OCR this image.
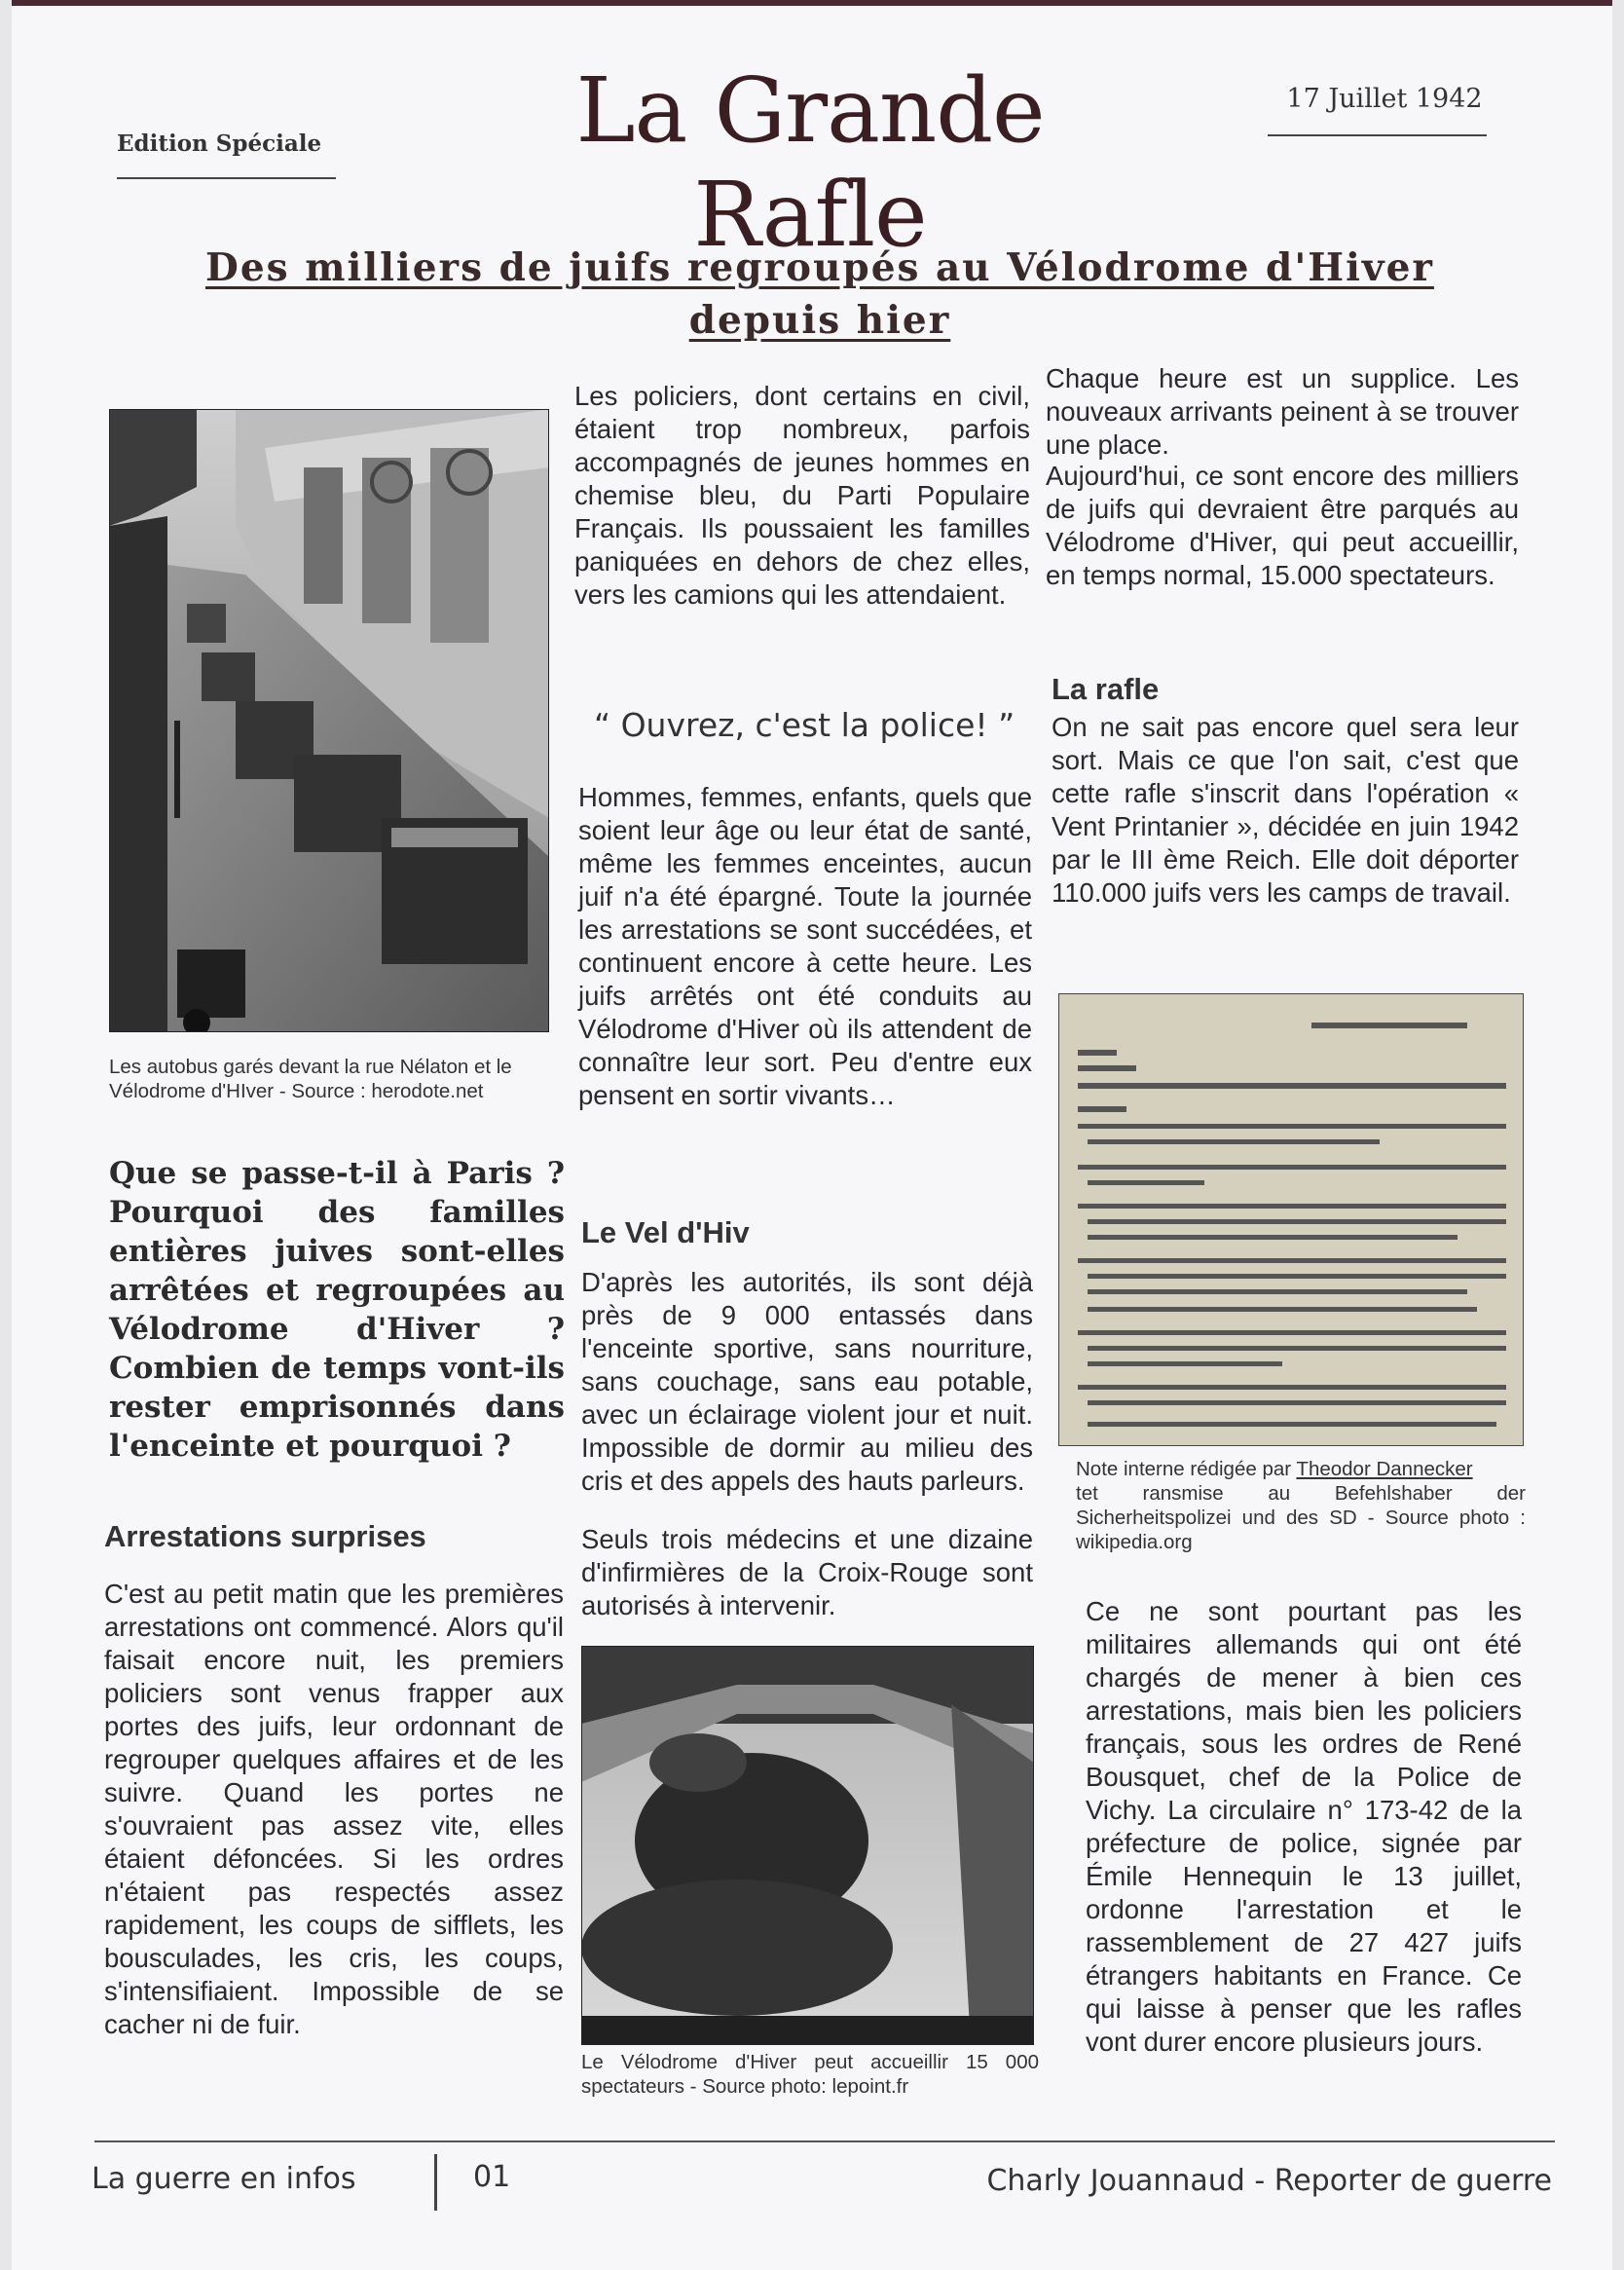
Edition Spéciale	La Grande Rafle
17 Juillet 1942
Des milliers de juifs regroupés au Vélodrome d'Hiver depuis hier
Les autobus garés devant la rue Nélaton et le Vélodrome d'HIver - Source : herodote.net
Que se passe-t-il à Paris ? Pourquoi des familles entières juives sont-elles arrêtées et regroupées au Vélodrome d'Hiver ? Combien de temps vont-ils rester emprisonnés dans l'enceinte et pourquoi ?
Arrestations surprises
C'est au petit matin que les premières arrestations ont commencé. Alors qu'il faisait encore nuit, les premiers policiers sont venus frapper aux portes des juifs, leur ordonnant de regrouper quelques affaires et de les suivre. Quand les portes ne s'ouvraient pas assez vite, elles étaient défoncées. Si les ordres n'étaient pas respectés assez rapidement, les coups de sifflets, les bousculades, les cris, les coups, s'intensifiaient. Impossible de se cacher ni de fuir.
Les policiers, dont certains en civil, étaient trop nombreux, parfois accompagnés de jeunes hommes en chemise bleu, du Parti Populaire Français. Ils poussaient les familles paniquées en dehors de chez elles, vers les camions qui les attendaient.
“ Ouvrez, c'est la police! ”
Hommes, femmes, enfants, quels que soient leur âge ou leur état de santé, même les femmes enceintes, aucun juif n'a été épargné. Toute la journée les arrestations se sont succédées, et continuent encore à cette heure. Les juifs arrêtés ont été conduits au Vélodrome d'Hiver où ils attendent de connaître leur sort. Peu d'entre eux pensent en sortir vivants…
Le Vel d'Hiv
D'après les autorités, ils sont déjà près de 9 000 entassés dans l'enceinte sportive, sans nourriture, sans couchage, sans eau potable, avec un éclairage violent jour et nuit. Impossible de dormir au milieu des cris et des appels des hauts parleurs.
Seuls trois médecins et une dizaine d'infirmières de la Croix-Rouge sont autorisés à intervenir.
Le Vélodrome d'Hiver peut accueillir 15 000 spectateurs - Source photo: lepoint.fr
Chaque heure est un supplice. Les nouveaux arrivants peinent à se trouver une place.
Aujourd'hui, ce sont encore des milliers de juifs qui devraient être parqués au Vélodrome d'Hiver, qui peut accueillir, en temps normal, 15.000 spectateurs.
La rafle
On ne sait pas encore quel sera leur sort. Mais ce que l'on sait, c'est que cette rafle s'inscrit dans l'opération « Vent Printanier », décidée en juin 1942 par le III ème Reich. Elle doit déporter 110.000 juifs vers les camps de travail.
Note interne rédigée par Theodor Dannecker
tet ransmise au Befehlshaber der Sicherheitspolizei und des SD - Source photo : wikipedia.org
Ce ne sont pourtant pas les militaires allemands qui ont été chargés de mener à bien ces arrestations, mais bien les policiers français, sous les ordres de René Bousquet, chef de la Police de Vichy. La circulaire n° 173-42 de la préfecture de police, signée par Émile Hennequin le 13 juillet, ordonne l'arrestation et le rassemblement de 27 427 juifs étrangers habitants en France. Ce qui laisse à penser que les rafles vont durer encore plusieurs jours.
La guerre en infos	01	Charly Jouannaud - Reporter de guerre
